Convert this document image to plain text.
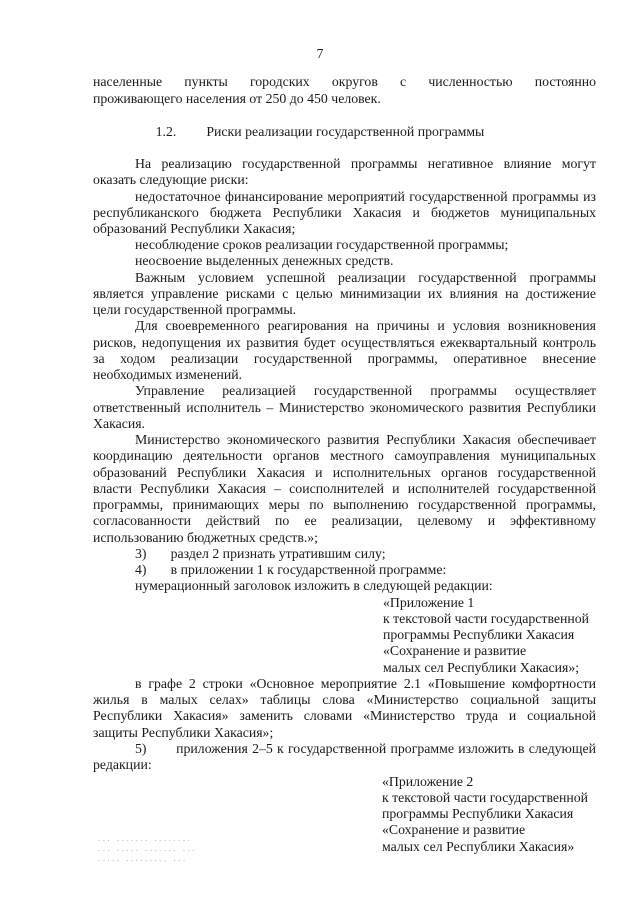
7
населенные пункты городских округов с численностью постоянно
проживающего населения от 250 до 450 человек.
1.2. Риски реализации государственной программы
На реализацию государственной программы негативное влияние могут
оказать следующие риски:
недостаточное финансирование мероприятий государственной программы из
республиканского бюджета Республики Хакасия и бюджетов муниципальных
образований Республики Хакасия;
несоблюдение сроков реализации государственной программы;
неосвоение выделенных денежных средств.
Важным условием успешной реализации государственной программы
является управление рисками с целью минимизации их влияния на достижение
цели государственной программы.
Для своевременного реагирования на причины и условия возникновения
рисков, недопущения их развития будет осуществляться ежеквартальный контроль
за ходом реализации государственной программы, оперативное внесение
необходимых изменений.
Управление реализацией государственной программы осуществляет
ответственный исполнитель – Министерство экономического развития Республики
Хакасия.
Министерство экономического развития Республики Хакасия обеспечивает
координацию деятельности органов местного самоуправления муниципальных
образований Республики Хакасия и исполнительных органов государственной
власти Республики Хакасия – соисполнителей и исполнителей государственной
программы, принимающих меры по выполнению государственной программы,
согласованности действий по ее реализации, целевому и эффективному
использованию бюджетных средств.»;
3)       раздел 2 признать утратившим силу;
4)       в приложении 1 к государственной программе:
нумерационный заголовок изложить в следующей редакции:
«Приложение 1
к текстовой части государственной
программы Республики Хакасия
«Сохранение и развитие
малых сел Республики Хакасия»;
в графе 2 строки «Основное мероприятие 2.1 «Повышение комфортности
жилья в малых селах» таблицы слова «Министерство социальной защиты
Республики Хакасия» заменить словами «Министерство труда и социальной
защиты Республики Хакасия»;
5)       приложения 2–5 к государственной программе изложить в следующей
редакции:
«Приложение 2
к текстовой части государственной
программы Республики Хакасия
«Сохранение и развитие
малых сел Республики Хакасия»
·-· ---·-·· ·--·-·-·
·-- ·-·-· ··--·-- ·-·
·-·-· ····-·--- ··-
